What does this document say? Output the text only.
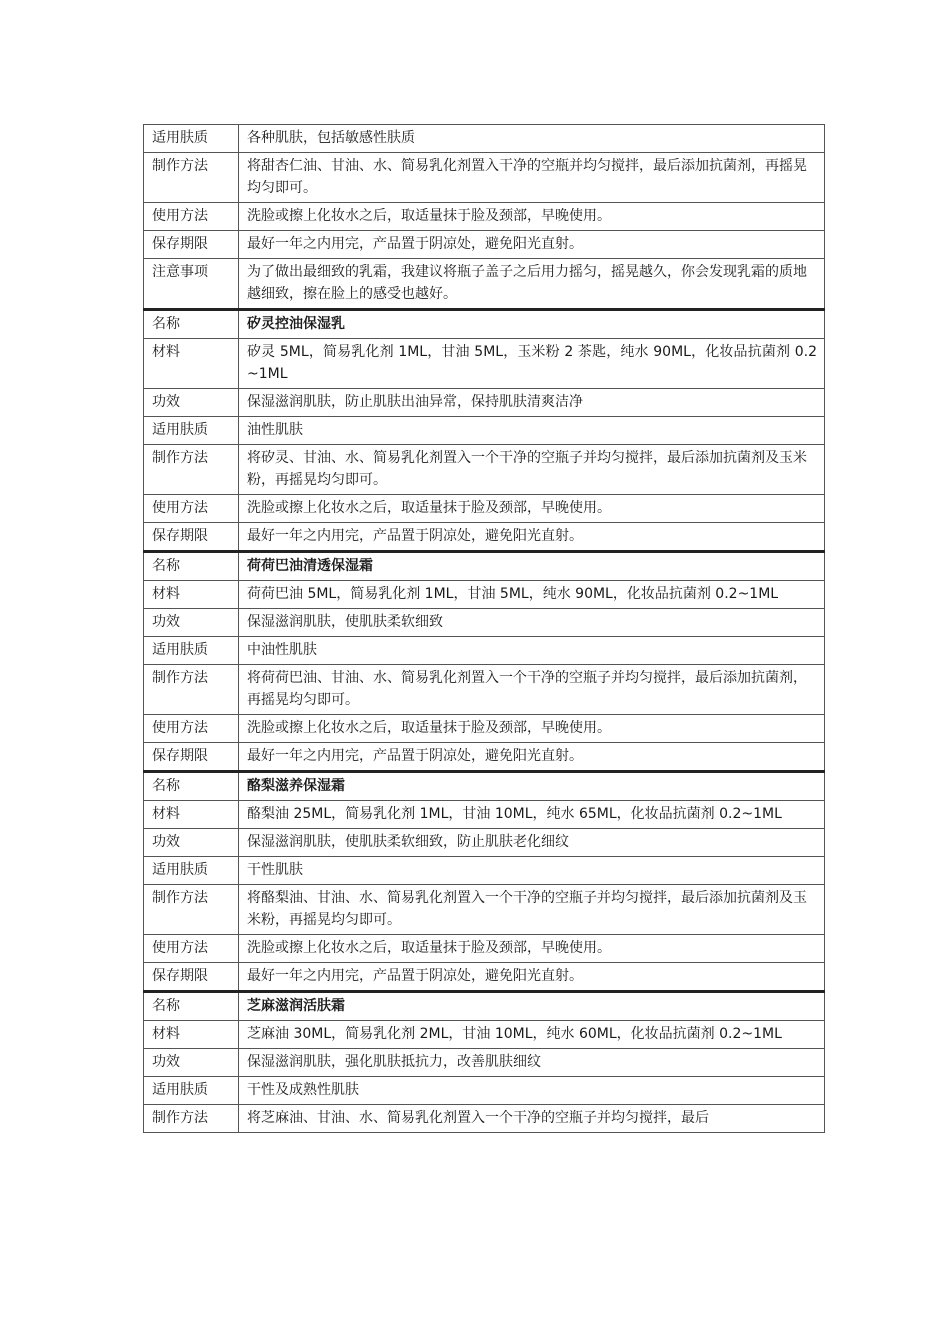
适用肤质	各种肌肤，包括敏感性肤质
制作方法	将甜杏仁油、甘油、水、简易乳化剂置入干净的空瓶并均匀搅拌，最后添加抗菌剂，再摇晃均匀即可。
使用方法	洗脸或擦上化妆水之后，取适量抹于脸及颈部，早晚使用。
保存期限	最好一年之内用完，产品置于阴凉处，避免阳光直射。
注意事项	为了做出最细致的乳霜，我建议将瓶子盖子之后用力摇匀，摇晃越久，你会发现乳霜的质地越细致，擦在脸上的感受也越好。
名称	矽灵控油保湿乳
材料	矽灵 5ML，简易乳化剂 1ML，甘油 5ML，玉米粉 2 茶匙，纯水 90ML，化妆品抗菌剂 0.2~1ML
功效	保湿滋润肌肤，防止肌肤出油异常，保持肌肤清爽洁净
适用肤质	油性肌肤
制作方法	将矽灵、甘油、水、简易乳化剂置入一个干净的空瓶子并均匀搅拌，最后添加抗菌剂及玉米粉，再摇晃均匀即可。
使用方法	洗脸或擦上化妆水之后，取适量抹于脸及颈部，早晚使用。
保存期限	最好一年之内用完，产品置于阴凉处，避免阳光直射。
名称	荷荷巴油清透保湿霜
材料	荷荷巴油 5ML，简易乳化剂 1ML，甘油 5ML，纯水 90ML，化妆品抗菌剂 0.2~1ML
功效	保湿滋润肌肤，使肌肤柔软细致
适用肤质	中油性肌肤
制作方法	将荷荷巴油、甘油、水、简易乳化剂置入一个干净的空瓶子并均匀搅拌，最后添加抗菌剂，再摇晃均匀即可。
使用方法	洗脸或擦上化妆水之后，取适量抹于脸及颈部，早晚使用。
保存期限	最好一年之内用完，产品置于阴凉处，避免阳光直射。
名称	酪梨滋养保湿霜
材料	酪梨油 25ML，简易乳化剂 1ML，甘油 10ML，纯水 65ML，化妆品抗菌剂 0.2~1ML
功效	保湿滋润肌肤，使肌肤柔软细致，防止肌肤老化细纹
适用肤质	干性肌肤
制作方法	将酪梨油、甘油、水、简易乳化剂置入一个干净的空瓶子并均匀搅拌，最后添加抗菌剂及玉米粉，再摇晃均匀即可。
使用方法	洗脸或擦上化妆水之后，取适量抹于脸及颈部，早晚使用。
保存期限	最好一年之内用完，产品置于阴凉处，避免阳光直射。
名称	芝麻滋润活肤霜
材料	芝麻油 30ML，简易乳化剂 2ML，甘油 10ML，纯水 60ML，化妆品抗菌剂 0.2~1ML
功效	保湿滋润肌肤，强化肌肤抵抗力，改善肌肤细纹
适用肤质	干性及成熟性肌肤
制作方法	将芝麻油、甘油、水、简易乳化剂置入一个干净的空瓶子并均匀搅拌，最后
